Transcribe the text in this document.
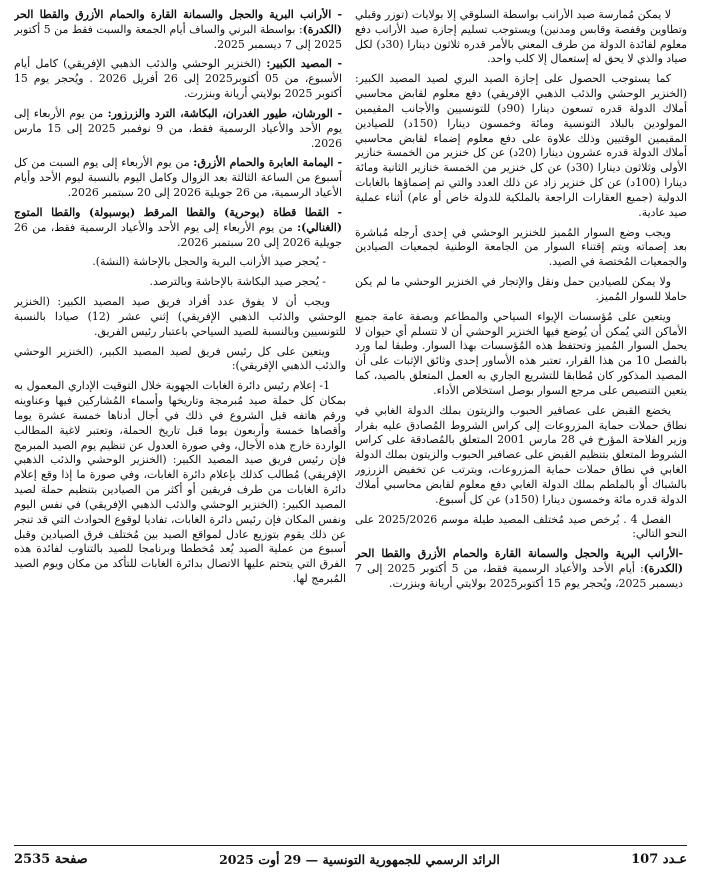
لا يمكن مُمارسة صيد الأرانب بواسطة السلوقي إلا بولايات (توزر وقبلي وتطاوين وقفصة وقابس ومدنين) ويستوجب تسليم إجازة صيد الأرانب دفع معلوم لفائدة الدولة من طرف المعني بالأمر قدره ثلاثون دينارا (30د) لكل صياد والذي لا يحق له إستعمال إلا كلب واحد.

كما يستوجب الحصول على إجازة الصيد البري لصيد المصيد الكبير: (الخنزير الوحشي والذئب الذهبي الإفريقي) دفع معلوم لقابض محاسبي أملاك الدولة قدره تسعون دينارا (90د) للتونسيين والأجانب المقيمين المولودين بالبلاد التونسية ومائة وخمسون دينارا (150د) للصيادين المقيمين الوقتيين وذلك علاوة على دفع معلوم إضماء لقابض محاسبي أملاك الدولة قدره عشرون دينارا (20د) عن كل خنزير من الخمسة خنازير الأولى وثلاثون دينارا (30د) عن كل خنزير من الخمسة خنازير الثانية ومائة دينارا (100د) عن كل خنزير زاد عن ذلك العدد والتي تم إصماؤها بالغابات الدولية (جميع العقارات الراجعة بالملكية للدولة خاص أو عام) أثناء عملية صيد عادية.

ويجب وضع السوار المُميز للخنزير الوحشي في إحدى أرجله مُباشرة بعد إصماته ويتم إقتناء السوار من الجامعة الوطنية لجمعيات الصيادين والجمعيات المُختصة في الصيد.

ولا يمكن للصيادين حمل ونقل والإتجار في الخنزير الوحشي ما لم يكن حاملا للسوار المُميز.

ويتعين على مُؤسسات الإيواء السياحي والمطاعم وبصفة عامة جميع الأماكن التي يُمكن أن يُوضع فيها الخنزير الوحشي أن لا تتسلم أي حيوان لا يحمل السوار المُميز وتحتفظ هذه المُؤسسات بهذا السوار. وطبقا لما ورد بالفصل 10 من هذا القرار، تعتبر هذه الأساور إحدى وثائق الإثبات على أن المصيد المذكور كان مُطابقا للتشريع الجاري به العمل المتعلق بالصيد، كما يتعين التنصيص على مرجع السوار بوصل استخلاص الأداء.

يخضع القبض على عصافير الحبوب والزيتون بملك الدولة الغابي في نطاق حملات حماية المزروعات إلى كراس الشروط المُصادق عليه بقرار وزير الفلاحة المؤرخ في 28 مارس 2001 المتعلق بالمُصادقة على كراس الشروط المتعلق بتنظيم القبض على عصافير الحبوب والزيتون بملك الدولة الغابي في نطاق حملات حماية المزروعات، ويترتب عن تخفيض الزرزور بالشباك أو بالملطم بملك الدولة الغابي دفع معلوم لقابض محاسبي أملاك الدولة قدره مائة وخمسون دينارا (150د) عن كل أسبوع.

الفصل 4 . يُرخص صيد مُختلف المصيد طيلة موسم 2025/2026 على النحو التالي:

-الأرانب البرية والحجل والسمانة القارة والحمام الأزرق والقطا الحر (الكدرة): أيام الأحد والأعياد الرسمية فقط، من 5 أكتوبر 2025 إلى 7 ديسمبر 2025، ويُحجر يوم 15 أكتوبر2025 بولايتي أريانة وبنزرت.

- الأرانب البرية والحجل والسمانة القارة والحمام الأزرق والقطا الحر (الكدرة): بواسطة البرني والساف أيام الجمعة والسبت فقط من 5 أكتوبر 2025 إلى 7 ديسمبر 2025.

- المصيد الكبير: (الخنزير الوحشي والذئب الذهبي الإفريقي) كامل أيام الأسبوع، من 05 أكتوبر2025 إلى 26 أفريل 2026 . ويُحجر يوم 15 أكتوبر 2025 بولايتي أريانة وبنزرت.

- الورشان، طيور الغدران، البكاشة، الترد والزرزور: من يوم الأربعاء إلى يوم الأحد والأعياد الرسمية فقط، من 9 نوفمبر 2025 إلى 15 مارس 2026.

- اليمامة العابرة والحمام الأزرق: من يوم الأربعاء إلى يوم السبت من كل أسبوع من الساعة الثالثة بعد الزوال وكامل اليوم بالنسبة ليوم الأحد وأيام الأعياد الرسمية، من 26 جويلية 2026 إلى 20 سبتمبر 2026.

- القطا قطاة (بوحرية) والقطا المرقط (بوسبولة) والقطا المتوج (الغنالي): من يوم الأربعاء إلى يوم الأحد والأعياد الرسمية فقط، من 26 جويلية 2026 إلى 20 سبتمبر 2026.

- يُحجر صيد الأرانب البرية والحجل بالإحاشة (النشة).

- يُحجر صيد البكاشة بالإحاشة وبالترصد.

ويجب أن لا يفوق عدد أفراد فريق صيد المصيد الكبير: (الخنزير الوحشي والذئب الذهبي الإفريقي) إثني عشر (12) صيادا بالنسبة للتونسيين وبالنسبة للصيد السياحي باعتبار رئيس الفريق.

ويتعين على كل رئيس فريق لصيد المصيد الكبير، (الخنزير الوحشي والذئب الذهبي الإفريقي):

1- إعلام رئيس دائرة الغابات الجهوية خلال التوقيت الإداري المعمول به بمكان كل حملة صيد مُبرمجة وتاريخها وأسماء المُشاركين فيها وعناوينه ورقم هاتفه قبل الشروع في ذلك في أجال أدناها خمسة عشرة يوما وأقصاها خمسة وأربعون يوما قبل تاريخ الحملة، وتعتبر لاغية المطالب الواردة خارج هذه الأجال، وفي صورة العدول عن تنظيم يوم الصيد المبرمج فإن رئيس فريق صيد المصيد الكبير: (الخنزير الوحشي والذئب الذهبي الإفريقي) مُطالب كذلك بإعلام دائرة الغابات، وفي صورة ما إذا وقع إعلام دائرة الغابات من طرف فريقين أو أكثر من الصيادين بتنظيم حملة لصيد المصيد الكبير: (الخنزير الوحشي والذئب الذهبي الإفريقي) في نفس اليوم ونفس المكان فإن رئيس دائرة الغابات، تفاديا لوقوع الحوادث التي قد تنجر عن ذلك يقوم بتوزيع عادل لمواقع الصيد بين مُختلف فرق الصيادين وقبل أسبوع من عملية الصيد يُعد مُخططا وبرنامجا للصيد بالتناوب لفائدة هذه الفرق التي يتحتم عليها الاتصال بدائرة الغابات للتأكد من مكان ويوم الصيد المُبرمج لها.

عـدد 107
الرائد الرسمي للجمهورية التونسية — 29 أوت 2025
صفحة 2535
